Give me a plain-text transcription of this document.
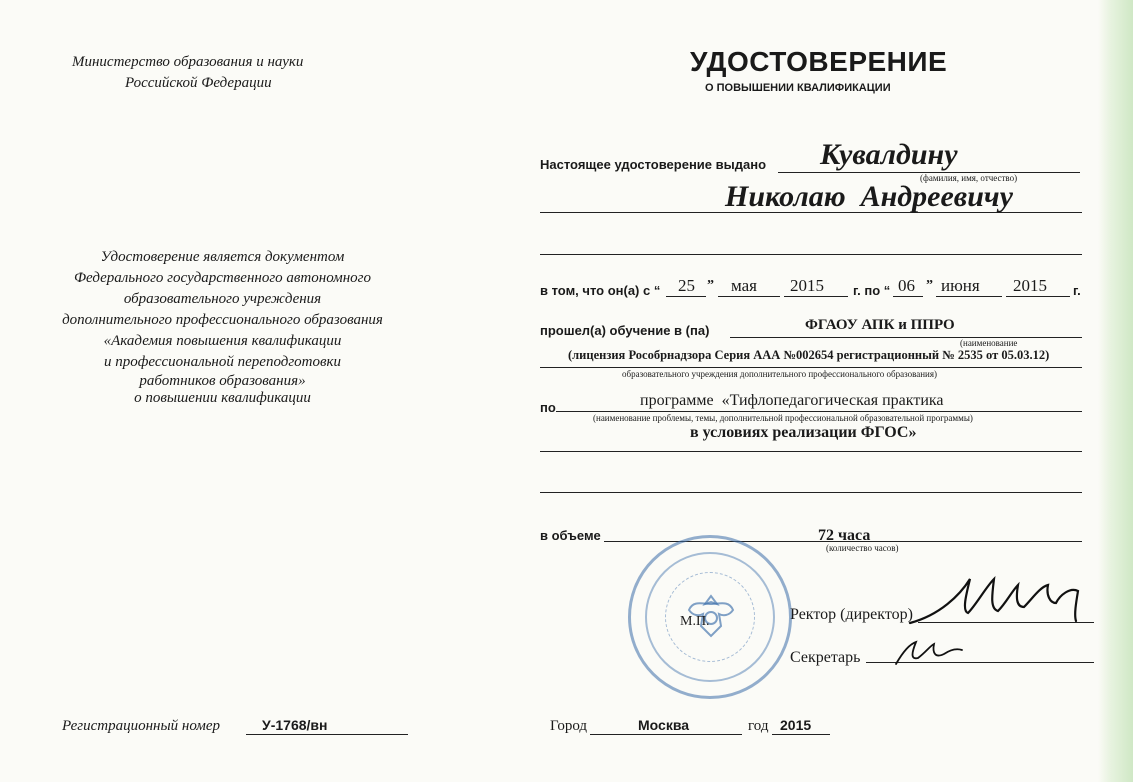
Министерство образования и науки
Российской Федерации
Удостоверение является документом
Федерального государственного автономного
образовательного учреждения
дополнительного профессионального образования
«Академия повышения квалификации
и профессиональной переподготовки
работников образования»
о повышении квалификации
Регистрационный номер	У-1768/вн
УДОСТОВЕРЕНИЕ
О ПОВЫШЕНИИ КВАЛИФИКАЦИИ
Настоящее удостоверение выдано Кувалдину
(фамилия, имя, отчество)
Николаю  Андреевичу
в том, что он(а) с “ 25 ” мая 2015 г. по “ 06 ” июня 2015 г.
прошел(а) обучение в (па)	ФГАОУ АПК и ППРО
(наименование
(лицензия Рособрнадзора Серия ААА №002654 регистрационный № 2535 от 05.03.12)
образовательного учреждения дополнительного профессионального образования)
по	программе  «Тифлопедагогическая практика
(наименование проблемы, темы, дополнительной профессиональной образовательной программы)
в условиях реализации ФГОС»
в объеме	72 часа
(количество часов)
М.П.	Ректор (директор)
Секретарь
Город	Москва	год 2015
